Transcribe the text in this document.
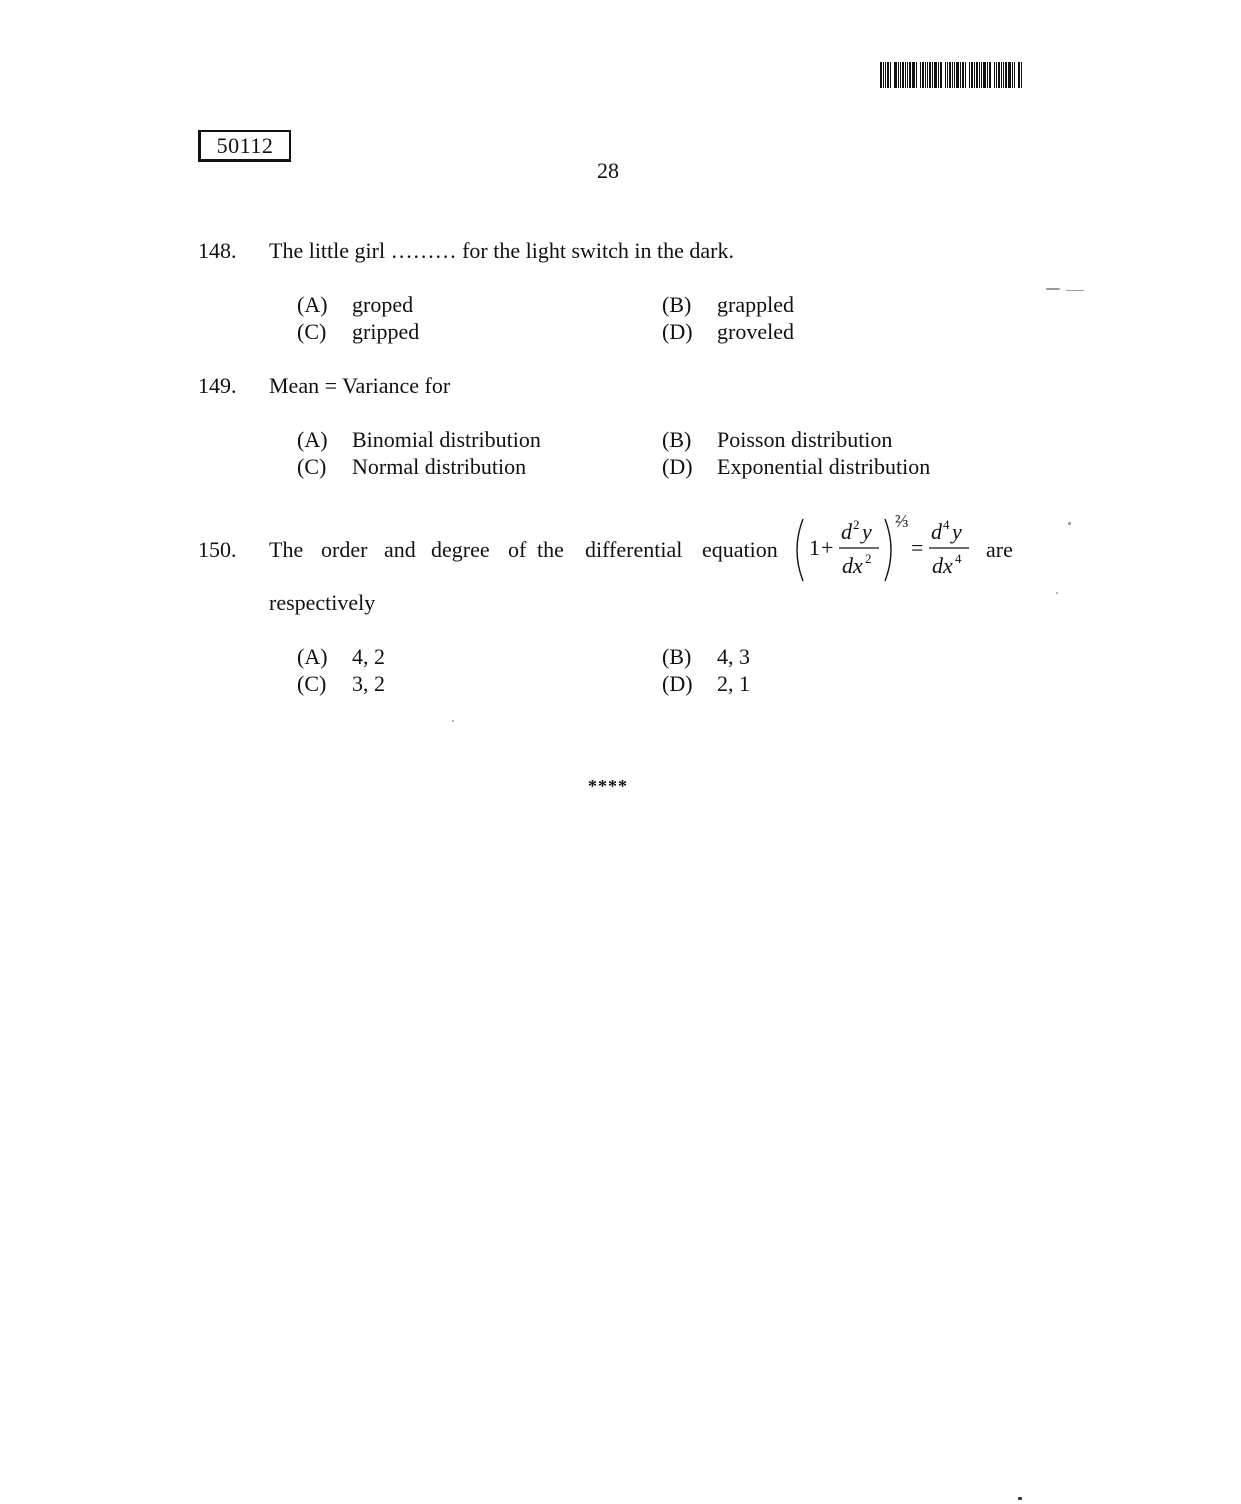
50112
28
148. The little girl ……… for the light switch in the dark.
(A) groped	(B) grappled
(C) gripped	(D) groveled
149. Mean = Variance for
(A) Binomial distribution	(B) Poisson distribution
(C) Normal distribution	(D) Exponential distribution
150. The order and degree of the differential equation 1 +
d 2 y
dx 2
⅔
=
d 4 y
dx 4 are
respectively
(A) 4, 2	(B) 4, 3
(C) 3, 2	(D) 2, 1
****
